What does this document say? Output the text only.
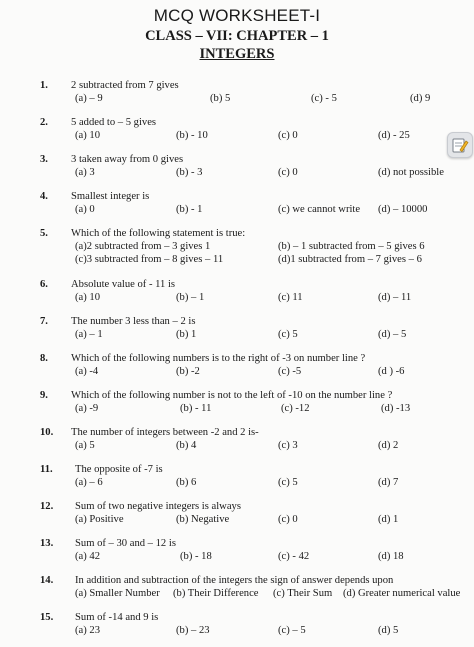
MCQ WORKSHEET-I
CLASS – VII: CHAPTER – 1
INTEGERS
1. 2 subtracted from 7 gives
(a) – 9	(b) 5	(c) - 5	(d) 9
2. 5 added to – 5 gives
(a) 10	(b) - 10	(c) 0	(d) - 25
3. 3 taken away from 0 gives
(a) 3	(b) - 3	(c) 0	(d) not possible
4. Smallest integer is
(a) 0	(b) - 1	(c) we cannot write (d) – 10000
5. Which of the following statement is true:
(a)2 subtracted from – 3 gives 1	(b) – 1 subtracted from – 5 gives 6
(c)3 subtracted from – 8 gives – 11	(d)1 subtracted from – 7 gives – 6
6. Absolute value of - 11 is
(a) 10	(b) – 1	(c) 11	(d) – 11
7. The number 3 less than – 2 is
(a) – 1	(b) 1	(c) 5	(d) – 5
8. Which of the following numbers is to the right of -3 on number line ?
(a) -4	(b) -2	(c) -5	(d ) -6
9. Which of the following number is not to the left of -10 on the number line ?
(a) -9	(b) - 11	(c) -12	(d) -13
10. The number of integers between -2 and 2 is-
(a) 5	(b) 4	(c) 3	(d) 2
11. The opposite of -7 is
(a) – 6	(b) 6	(c) 5	(d) 7
12. Sum of two negative integers is always
(a) Positive	(b) Negative	(c) 0	(d) 1
13. Sum of – 30 and – 12 is
(a) 42	(b) - 18	(c) - 42	(d) 18
14. In addition and subtraction of the integers the sign of answer depends upon
(a) Smaller Number (b) Their Difference (c) Their Sum (d) Greater numerical value
15. Sum of -14 and 9 is
(a) 23	(b) – 23	(c) – 5	(d) 5
